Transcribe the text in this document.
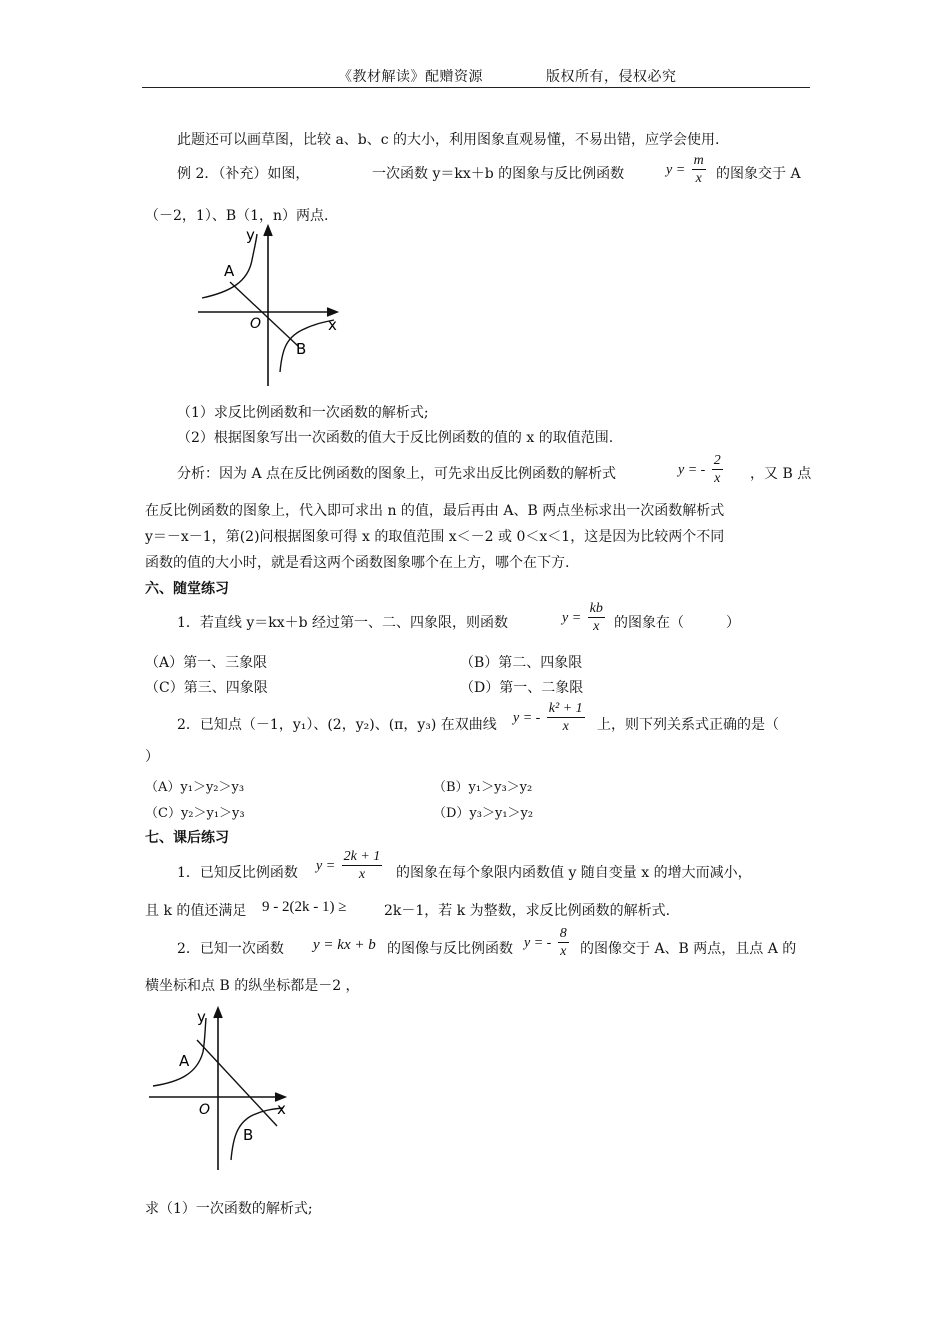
《教材解读》配赠资源	版权所有，侵权必究
此题还可以画草图，比较 a、b、c 的大小，利用图象直观易懂，不易出错，应学会使用.
例 2．（补充）如图，	一次函数 y＝kx＋b 的图象与反比例函数	$y = \frac{m}{x}$ 的图象交于 A
（－2，1）、B（1，n）两点.
y
x
O
A
B
（1）求反比例函数和一次函数的解析式;
（2）根据图象写出一次函数的值大于反比例函数的值的 x 的取值范围.
分析：因为 A 点在反比例函数的图象上，可先求出反比例函数的解析式	y = - $\frac{2}{x}$ ，又 B 点
在反比例函数的图象上，代入即可求出 n 的值，最后再由 A、B 两点坐标求出一次函数解析式
y＝－x－1，第(2)问根据图象可得 x 的取值范围 x＜－2 或 0＜x＜1，这是因为比较两个不同
函数的值的大小时，就是看这两个函数图象哪个在上方，哪个在下方.
六、随堂练习
1．若直线 y＝kx＋b 经过第一、二、四象限，则函数	$y = \frac{kb}{x}$ 的图象在（　　　）
（A）第一、三象限	（B）第二、四象限
（C）第三、四象限	（D）第一、二象限
2．已知点（－1，y₁）、(2，y₂)、(π，y₃) 在双曲线 y = - $\frac{\text{k² + 1}}{x}$ 上，则下列关系式正确的是（
）
（A）y₁＞y₂＞y₃	（B）y₁＞y₃＞y₂
（C）y₂＞y₁＞y₃	（D）y₃＞y₁＞y₂
七、课后练习
1．已知反比例函数 $y = \frac{2k + 1}{x}$ 的图象在每个象限内函数值 y 随自变量 x 的增大而减小，
且 k 的值还满足 9 - 2(2k - 1) ≥	2k－1，若 k 为整数，求反比例函数的解析式.
2．已知一次函数 y = kx + b 的图像与反比例函数 y = - $\frac{8}{x}$ 的图像交于 A、B 两点，且点 A 的
横坐标和点 B 的纵坐标都是－2 ，
y
x
O
A
B
求（1）一次函数的解析式;
